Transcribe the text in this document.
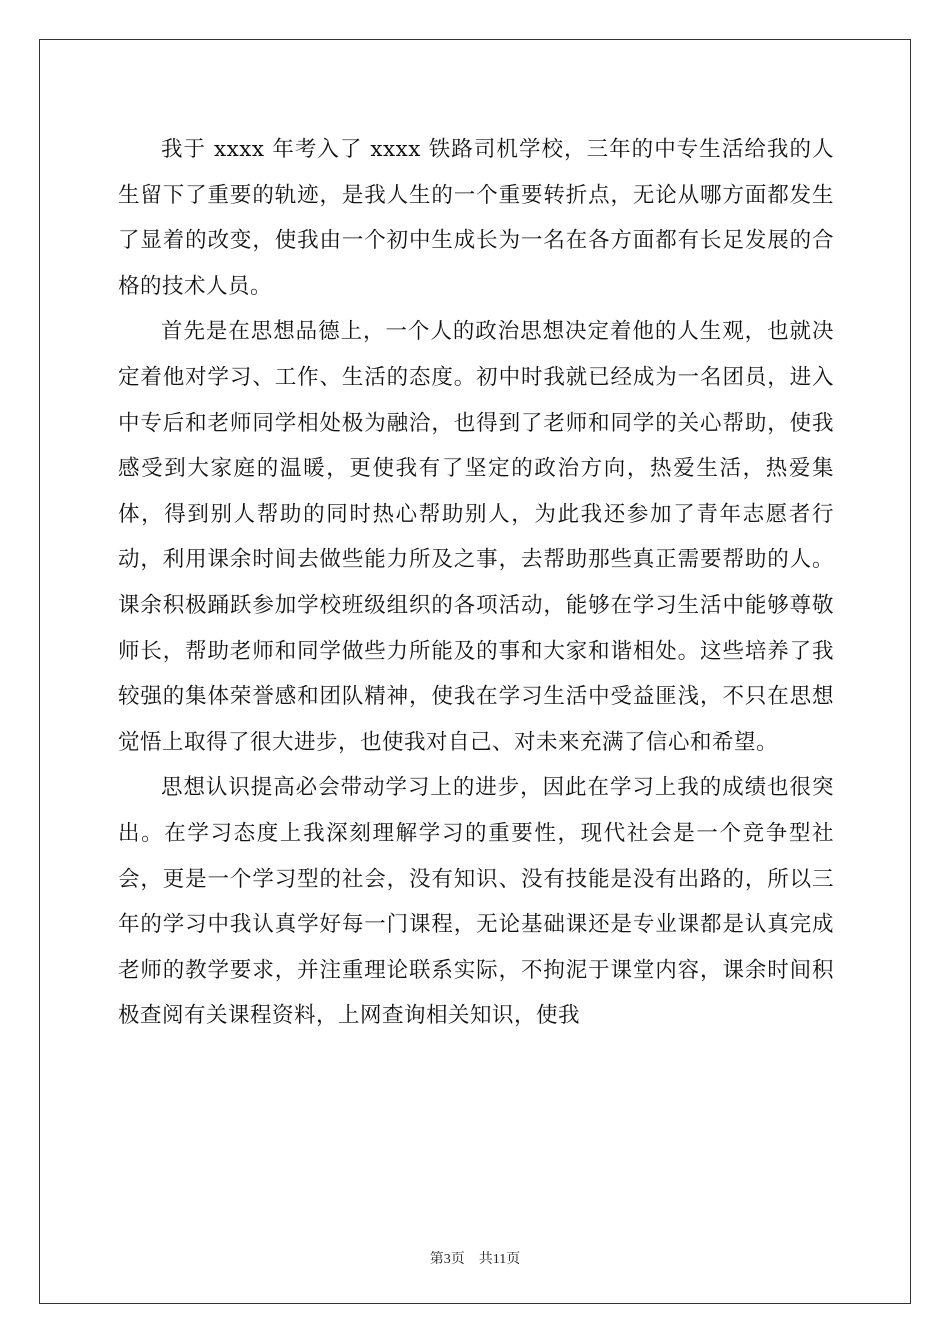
我于 xxxx 年考入了 xxxx 铁路司机学校，三年的中专生活给我的人生留下了重要的轨迹，是我人生的一个重要转折点，无论从哪方面都发生了显着的改变，使我由一个初中生成长为一名在各方面都有长足发展的合格的技术人员。

首先是在思想品德上，一个人的政治思想决定着他的人生观，也就决定着他对学习、工作、生活的态度。初中时我就已经成为一名团员，进入中专后和老师同学相处极为融洽，也得到了老师和同学的关心帮助，使我感受到大家庭的温暖，更使我有了坚定的政治方向，热爱生活，热爱集体，得到别人帮助的同时热心帮助别人，为此我还参加了青年志愿者行动，利用课余时间去做些能力所及之事，去帮助那些真正需要帮助的人。课余积极踊跃参加学校班级组织的各项活动，能够在学习生活中能够尊敬师长，帮助老师和同学做些力所能及的事和大家和谐相处。这些培养了我较强的集体荣誉感和团队精神，使我在学习生活中受益匪浅，不只在思想觉悟上取得了很大进步，也使我对自己、对未来充满了信心和希望。

思想认识提高必会带动学习上的进步，因此在学习上我的成绩也很突出。在学习态度上我深刻理解学习的重要性，现代社会是一个竞争型社会，更是一个学习型的社会，没有知识、没有技能是没有出路的，所以三年的学习中我认真学好每一门课程，无论基础课还是专业课都是认真完成老师的教学要求，并注重理论联系实际，不拘泥于课堂内容，课余时间积极查阅有关课程资料，上网查询相关知识，使我

第3页 共11页
